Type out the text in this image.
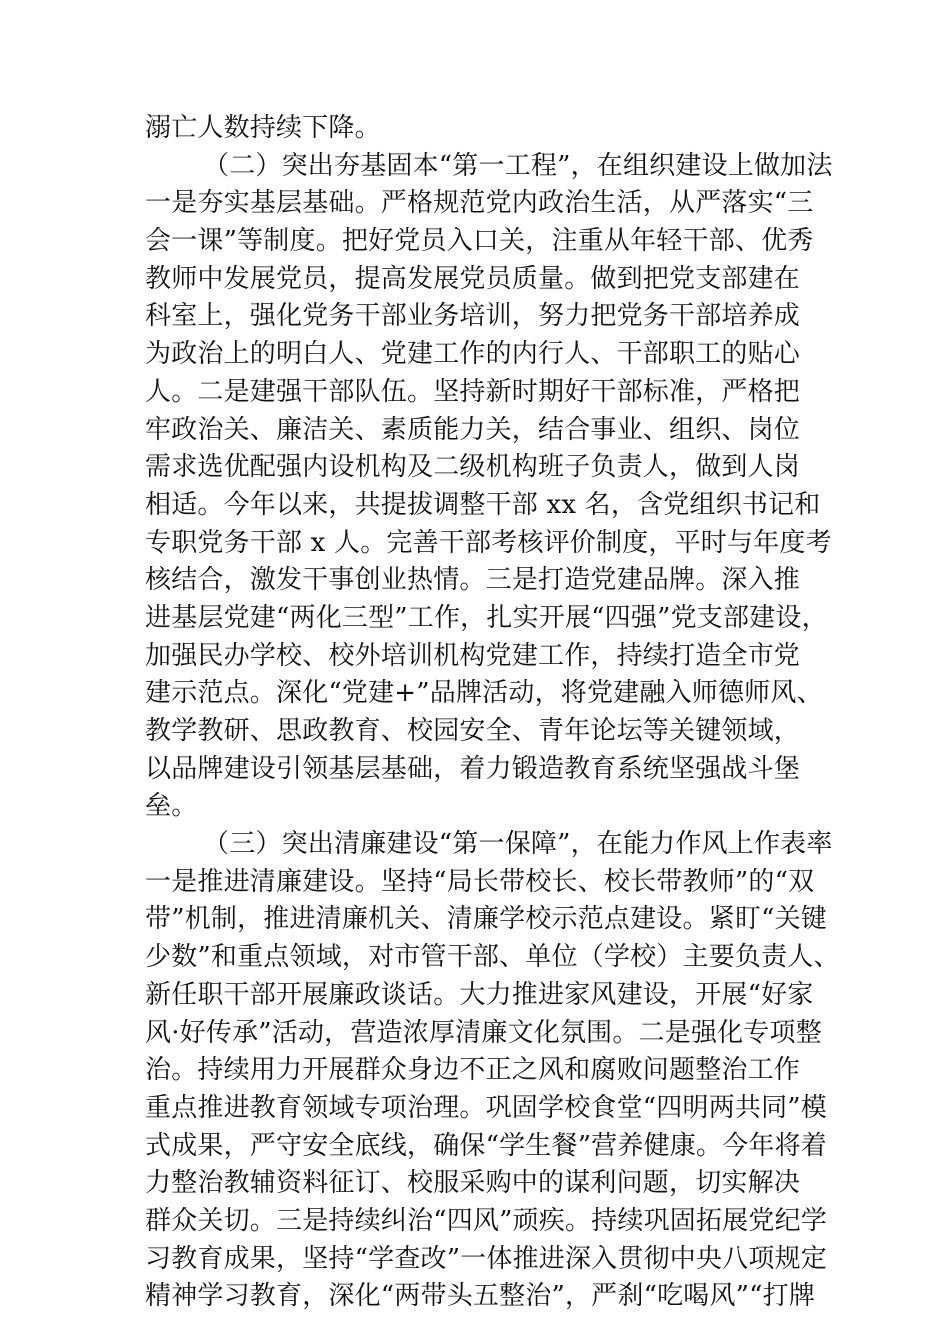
溺亡人数持续下降。
（二）突出夯基固本“第一工程”，在组织建设上做加法
一是夯实基层基础。严格规范党内政治生活，从严落实“三
会一课”等制度。把好党员入口关，注重从年轻干部、优秀
教师中发展党员，提高发展党员质量。做到把党支部建在
科室上，强化党务干部业务培训，努力把党务干部培养成
为政治上的明白人、党建工作的内行人、干部职工的贴心
人。二是建强干部队伍。坚持新时期好干部标准，严格把
牢政治关、廉洁关、素质能力关，结合事业、组织、岗位
需求选优配强内设机构及二级机构班子负责人，做到人岗
相适。今年以来，共提拔调整干部 xx 名，含党组织书记和
专职党务干部 x 人。完善干部考核评价制度，平时与年度考
核结合，激发干事创业热情。三是打造党建品牌。深入推
进基层党建“两化三型”工作，扎实开展“四强”党支部建设，
加强民办学校、校外培训机构党建工作，持续打造全市党
建示范点。深化“党建+”品牌活动，将党建融入师德师风、
教学教研、思政教育、校园安全、青年论坛等关键领域，
以品牌建设引领基层基础，着力锻造教育系统坚强战斗堡
垒。
（三）突出清廉建设“第一保障”，在能力作风上作表率
一是推进清廉建设。坚持“局长带校长、校长带教师”的“双
带”机制，推进清廉机关、清廉学校示范点建设。紧盯“关键
少数”和重点领域，对市管干部、单位（学校）主要负责人、
新任职干部开展廉政谈话。大力推进家风建设，开展“好家
风·好传承”活动，营造浓厚清廉文化氛围。二是强化专项整
治。持续用力开展群众身边不正之风和腐败问题整治工作
重点推进教育领域专项治理。巩固学校食堂“四明两共同”模
式成果，严守安全底线，确保“学生餐”营养健康。今年将着
力整治教辅资料征订、校服采购中的谋利问题，切实解决
群众关切。三是持续纠治“四风”顽疾。持续巩固拓展党纪学
习教育成果，坚持“学查改”一体推进深入贯彻中央八项规定
精神学习教育，深化“两带头五整治”，严刹“吃喝风”“打牌
